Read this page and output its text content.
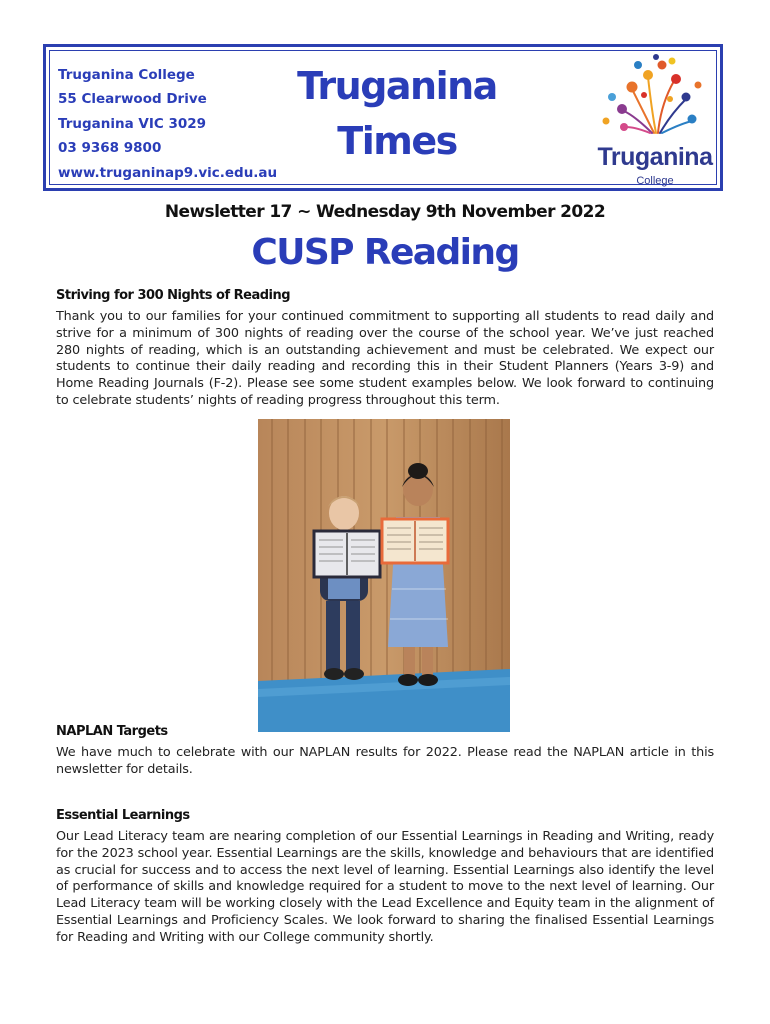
Truganina College
55 Clearwood Drive
Truganina VIC 3029
03 9368 9800
www.truganinap9.vic.edu.au
Truganina
Times	Truganina
College
Newsletter 17 ~ Wednesday 9th November 2022
CUSP Reading
Striving for 300 Nights of Reading
Thank you to our families for your continued commitment to supporting all students to read daily and strive for a minimum of 300 nights of reading over the course of the school year. We’ve just reached 280 nights of reading, which is an outstanding achievement and must be celebrated. We expect our students to continue their daily reading and recording this in their Student Planners (Years 3-9) and Home Reading Journals (F-2). Please see some student examples below. We look forward to continuing to celebrate students’ nights of reading progress throughout this term.
NAPLAN Targets
We have much to celebrate with our NAPLAN results for 2022. Please read the NAPLAN article in this newsletter for details.
Essential Learnings
Our Lead Literacy team are nearing completion of our Essential Learnings in Reading and Writing, ready for the 2023 school year. Essential Learnings are the skills, knowledge and behaviours that are identified as crucial for success and to access the next level of learning. Essential Learnings also identify the level of performance of skills and knowledge required for a student to move to the next level of learning. Our Lead Literacy team will be working closely with the Lead Excellence and Equity team in the alignment of Essential Learnings and Proficiency Scales. We look forward to sharing the finalised Essential Learnings for Reading and Writing with our College community shortly.
